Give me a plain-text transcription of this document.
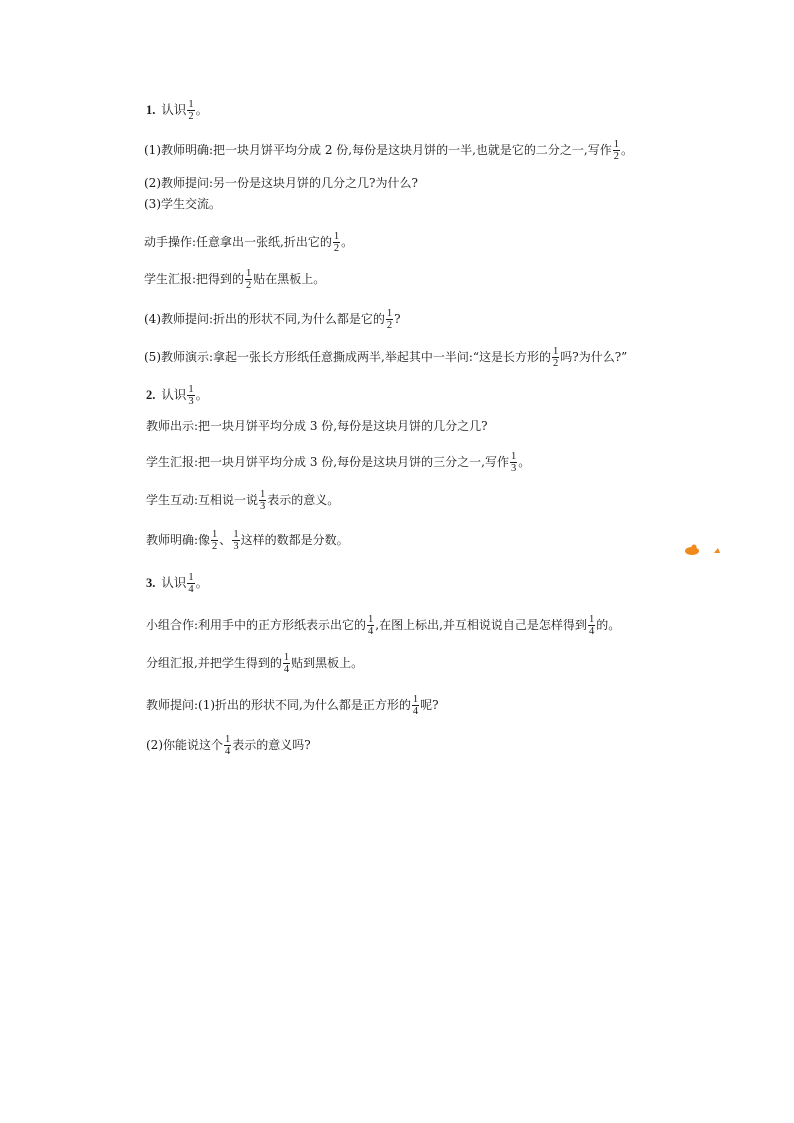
1. 认识 $\frac{1}{2}$ 。
(1)教师明确:把一块月饼平均分成 2 份,每份是这块月饼的一半,也就是它的二分之一,写作 $\frac{1}{2}$ 。
(2)教师提问:另一份是这块月饼的几分之几?为什么?
(3)学生交流。
动手操作:任意拿出一张纸,折出它的 $\frac{1}{2}$ 。
学生汇报:把得到的 $\frac{1}{2}$ 贴在黑板上。
(4)教师提问:折出的形状不同,为什么都是它的 $\frac{1}{2}$ ?
(5)教师演示:拿起一张长方形纸任意撕成两半,举起其中一半问:“这是长方形的 $\frac{1}{2}$ 吗?为什么?”
2. 认识 $\frac{1}{3}$ 。
教师出示:把一块月饼平均分成 3 份,每份是这块月饼的几分之几?
学生汇报:把一块月饼平均分成 3 份,每份是这块月饼的三分之一,写作 $\frac{1}{3}$ 。
学生互动:互相说一说 $\frac{1}{3}$ 表示的意义。
教师明确:像 $\frac{1}{2}$ 、 $\frac{1}{3}$ 这样的数都是分数。
3. 认识 $\frac{1}{4}$ 。
小组合作:利用手中的正方形纸表示出它的 $\frac{1}{4}$ ,在图上标出,并互相说说自己是怎样得到 $\frac{1}{4}$ 的。
分组汇报,并把学生得到的 $\frac{1}{4}$ 贴到黑板上。
教师提问:(1)折出的形状不同,为什么都是正方形的 $\frac{1}{4}$ 呢?
(2)你能说这个 $\frac{1}{4}$ 表示的意义吗?
